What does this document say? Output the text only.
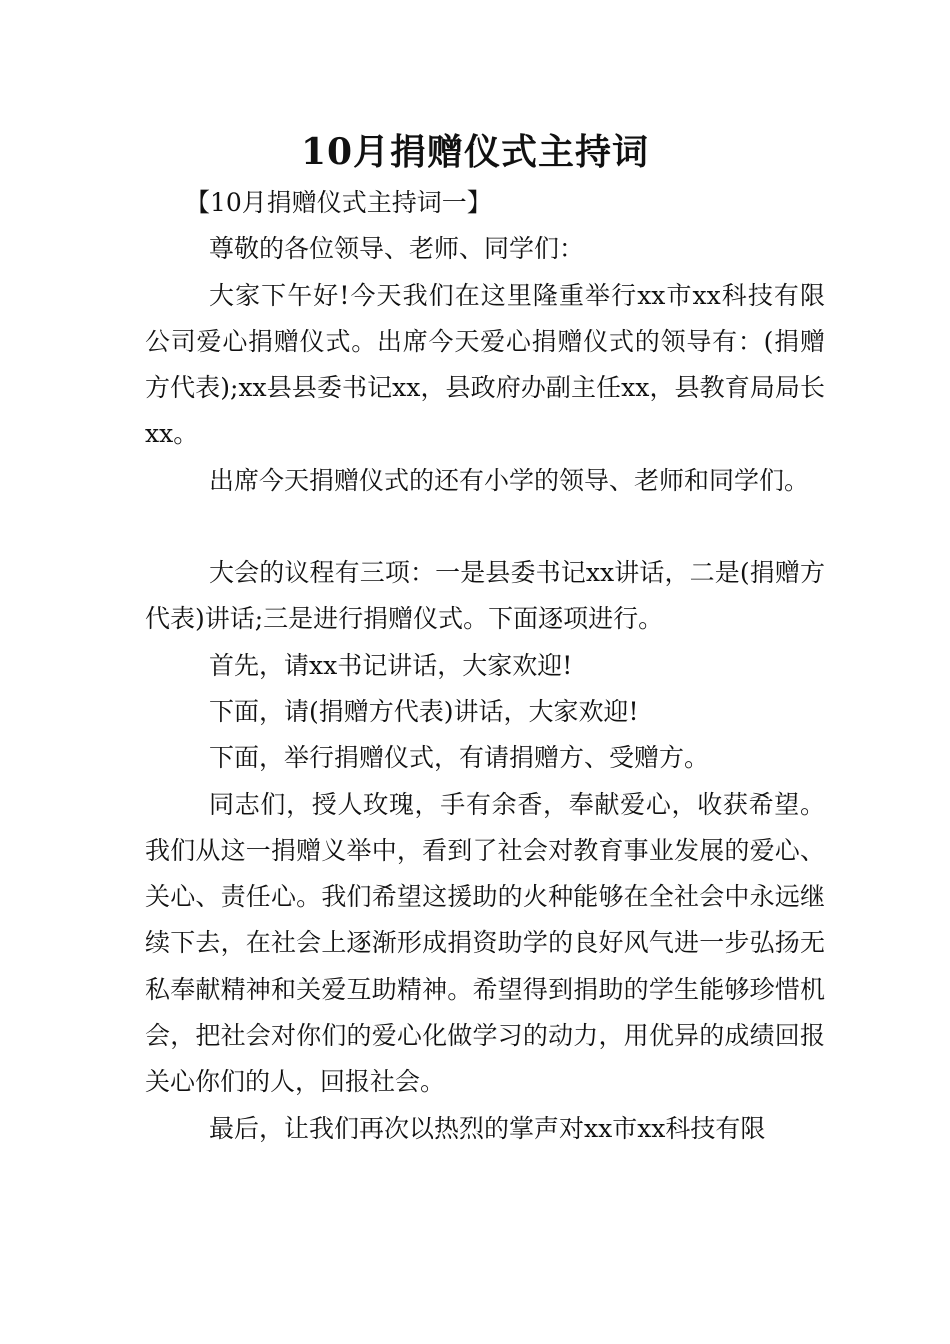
10月捐赠仪式主持词

【10月捐赠仪式主持词一】

尊敬的各位领导、老师、同学们：

大家下午好!今天我们在这里隆重举行xx市xx科技有限公司爱心捐赠仪式。出席今天爱心捐赠仪式的领导有：(捐赠方代表);xx县县委书记xx，县政府办副主任xx，县教育局局长xx。

出席今天捐赠仪式的还有小学的领导、老师和同学们。

大会的议程有三项：一是县委书记xx讲话，二是(捐赠方代表)讲话;三是进行捐赠仪式。下面逐项进行。

首先，请xx书记讲话，大家欢迎!

下面，请(捐赠方代表)讲话，大家欢迎!

下面，举行捐赠仪式，有请捐赠方、受赠方。

同志们，授人玫瑰，手有余香，奉献爱心，收获希望。我们从这一捐赠义举中，看到了社会对教育事业发展的爱心、关心、责任心。我们希望这援助的火种能够在全社会中永远继续下去，在社会上逐渐形成捐资助学的良好风气进一步弘扬无私奉献精神和关爱互助精神。希望得到捐助的学生能够珍惜机会，把社会对你们的爱心化做学习的动力，用优异的成绩回报关心你们的人，回报社会。

最后，让我们再次以热烈的掌声对xx市xx科技有限
